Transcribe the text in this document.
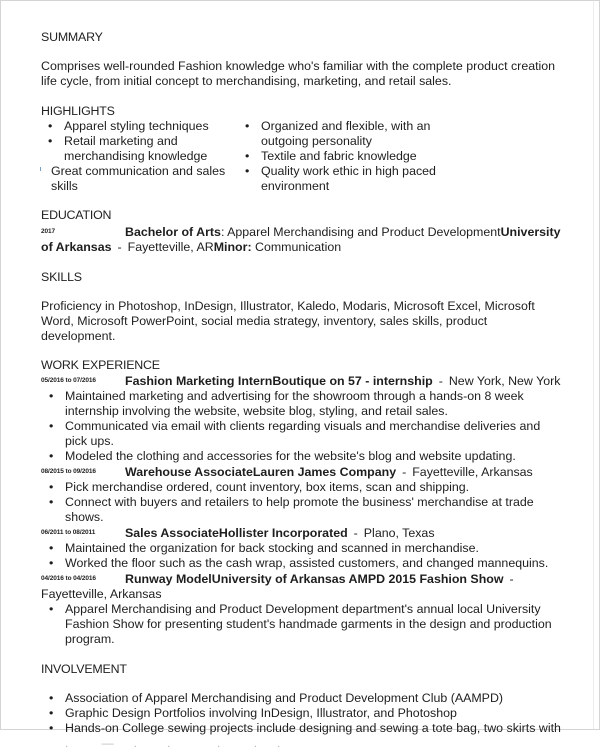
SUMMARY

Comprises well-rounded Fashion knowledge who's familiar with the complete product creation life cycle, from initial concept to merchandising, marketing, and retail sales.

HIGHLIGHTS

• Apparel styling techniques
• Retail marketing and merchandising knowledge
Great communication and sales skills
• Organized and flexible, with an outgoing personality
• Textile and fabric knowledge
• Quality work ethic in high paced environment

EDUCATION

2017	Bachelor of Arts: Apparel Merchandising and Product DevelopmentUniversity of Arkansas - Fayetteville, ARMinor: Communication

SKILLS

Proficiency in Photoshop, InDesign, Illustrator, Kaledo, Modaris, Microsoft Excel, Microsoft Word, Microsoft PowerPoint, social media strategy, inventory, sales skills, product development.

WORK EXPERIENCE

05/2016 to 07/2016 Fashion Marketing InternBoutique on 57 - internship - New York, New York

• Maintained marketing and advertising for the showroom through a hands-on 8 week internship involving the website, website blog, styling, and retail sales.
• Communicated via email with clients regarding visuals and merchandise deliveries and pick ups.
• Modeled the clothing and accessories for the website's blog and website updating.

08/2015 to 09/2016 Warehouse AssociateLauren James Company - Fayetteville, Arkansas

• Pick merchandise ordered, count inventory, box items, scan and shipping.
• Connect with buyers and retailers to help promote the business' merchandise at trade shows.

06/2011 to 08/2011 Sales AssociateHollister Incorporated - Plano, Texas

• Maintained the organization for back stocking and scanned in merchandise.
• Worked the floor such as the cash wrap, assisted customers, and changed mannequins.

04/2016 to 04/2016 Runway ModelUniversity of Arkansas AMPD 2015 Fashion Show -Fayetteville, Arkansas

• Apparel Merchandising and Product Development department's annual local University Fashion Show for presenting student's handmade garments in the design and production program.

INVOLVEMENT

• Association of Apparel Merchandising and Product Development Club (AAMPD)
• Graphic Design Portfolios involving InDesign, Illustrator, and Photoshop
• Hands-on College sewing projects include designing and sewing a tote bag, two skirts with
.          —      .         .              .          .      .
